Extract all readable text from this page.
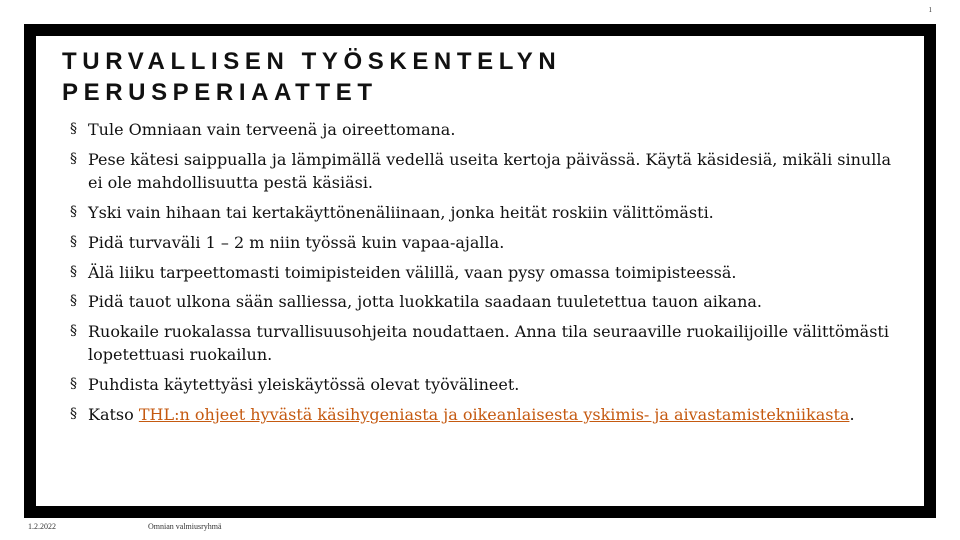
1
TURVALLISEN TYÖSKENTELYN
PERUSPERIAATTET
§ Tule Omniaan vain terveenä ja oireettomana.
§ Pese kätesi saippualla ja lämpimällä vedellä useita kertoja päivässä. Käytä käsidesiä, mikäli sinulla ei ole mahdollisuutta pestä käsiäsi.
§ Yski vain hihaan tai kertakäyttönenäliinaan, jonka heität roskiin välittömästi.
§ Pidä turvaväli 1 – 2 m niin työssä kuin vapaa-ajalla.
§ Älä liiku tarpeettomasti toimipisteiden välillä, vaan pysy omassa toimipisteessä.
§ Pidä tauot ulkona sään salliessa, jotta luokkatila saadaan tuuletettua tauon aikana.
§ Ruokaile ruokalassa turvallisuusohjeita noudattaen. Anna tila seuraaville ruokailijoille välittömästi lopetettuasi ruokailun.
§ Puhdista käytettyäsi yleiskäytössä olevat työvälineet.
§ Katso THL:n ohjeet hyvästä käsihygeniasta ja oikeanlaisesta yskimis- ja aivastamistekniikasta.
1.2.2022	Omnian valmiusryhmä
